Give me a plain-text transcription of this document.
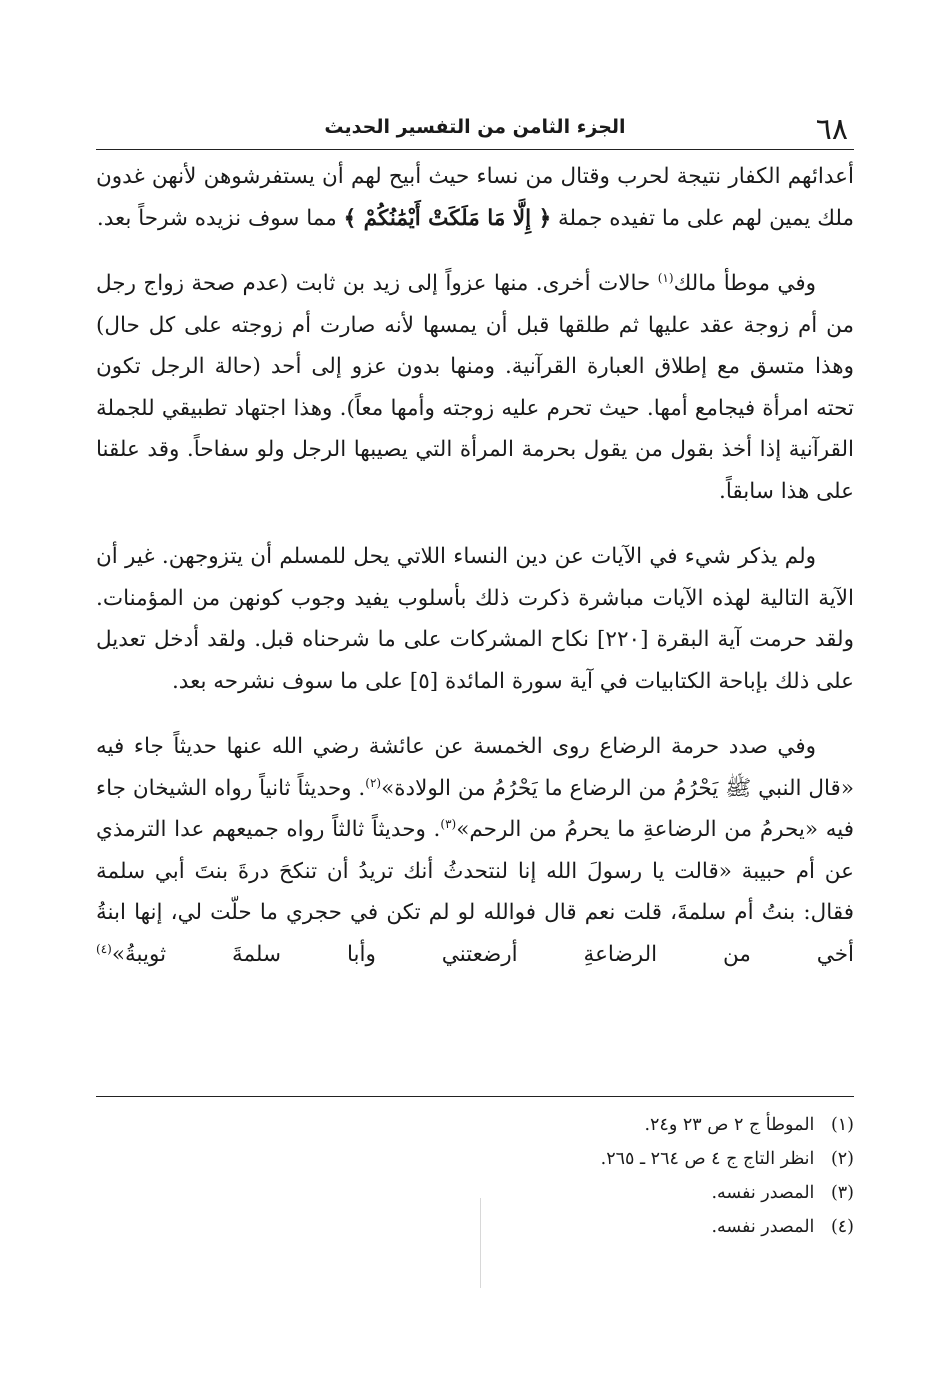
٦٨
الجزء الثامن من التفسير الحديث

أعدائهم الكفار نتيجة لحرب وقتال من نساء حيث أبيح لهم أن يستفرشوهن لأنهن غدون ملك يمين لهم على ما تفيده جملة ﴿ إِلَّا مَا مَلَكَتْ أَيْمَٰنُكُمْ ﴾ مما سوف نزيده شرحاً بعد.

وفي موطأ مالك$^{(١)}$ حالات أخرى. منها عزواً إلى زيد بن ثابت (عدم صحة زواج رجل من أم زوجة عقد عليها ثم طلقها قبل أن يمسها لأنه صارت أم زوجته على كل حال) وهذا متسق مع إطلاق العبارة القرآنية. ومنها بدون عزو إلى أحد (حالة الرجل تكون تحته امرأة فيجامع أمها. حيث تحرم عليه زوجته وأمها معاً). وهذا اجتهاد تطبيقي للجملة القرآنية إذا أخذ بقول من يقول بحرمة المرأة التي يصيبها الرجل ولو سفاحاً. وقد علقنا على هذا سابقاً.

ولم يذكر شيء في الآيات عن دين النساء اللاتي يحل للمسلم أن يتزوجهن. غير أن الآية التالية لهذه الآيات مباشرة ذكرت ذلك بأسلوب يفيد وجوب كونهن من المؤمنات. ولقد حرمت آية البقرة [٢٢٠] نكاح المشركات على ما شرحناه قبل. ولقد أدخل تعديل على ذلك بإباحة الكتابيات في آية سورة المائدة [٥] على ما سوف نشرحه بعد.

وفي صدد حرمة الرضاع روى الخمسة عن عائشة رضي الله عنها حديثاً جاء فيه «قال النبي ﷺ يَحْرُمُ من الرضاع ما يَحْرُمُ من الولادة»$^{(٢)}$. وحديثاً ثانياً رواه الشيخان جاء فيه «يحرمُ من الرضاعةِ ما يحرمُ من الرحم»$^{(٣)}$. وحديثاً ثالثاً رواه جميعهم عدا الترمذي عن أم حبيبة «قالت يا رسولَ الله إنا لنتحدثُ أنك تريدُ أن تنكحَ درةَ بنتَ أبي سلمة فقال: بنتُ أم سلمةَ، قلت نعم قال فوالله لو لم تكن في حجري ما حلّت لي، إنها ابنةُ أخي من الرضاعةِ أرضعتني وأبا سلمةَ ثويبةُ»$^{(٤)}$

(١) الموطأ ج ٢ ص ٢٣ و٢٤.
(٢) انظر التاج ج ٤ ص ٢٦٤ ـ ٢٦٥.
(٣) المصدر نفسه.
(٤) المصدر نفسه.
